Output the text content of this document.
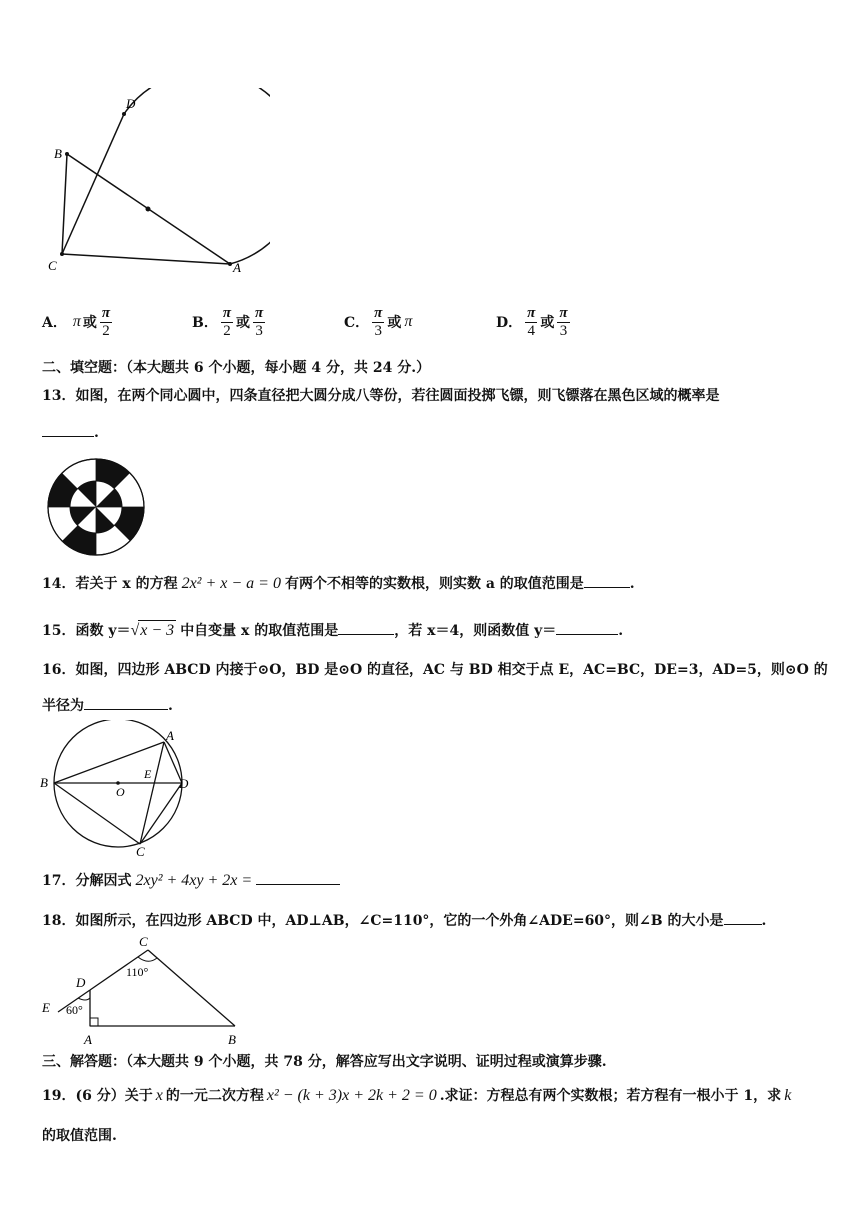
D
B
C	A
A． π 或 $\frac{\pi}{2}$	B． $\frac{\pi}{2}$ 或 $\frac{\pi}{3}$	C． $\frac{\pi}{3}$ 或 π	D． $\frac{\pi}{4}$ 或 $\frac{\pi}{3}$
二、填空题：（本大题共 6 个小题，每小题 4 分，共 24 分.）
13．如图，在两个同心圆中，四条直径把大圆分成八等份，若往圆面投掷飞镖，则飞镖落在黑色区域的概率是
.
14．若关于 x 的方程 2x² + x − a = 0 有两个不相等的实数根，则实数 a 的取值范围是	.
15．函数 y＝√x − 3 中自变量 x 的取值范围是	，若 x＝4，则函数值 y＝	.
16．如图，四边形 ABCD 内接于⊙O，BD 是⊙O 的直径，AC 与 BD 相交于点 E，AC=BC，DE=3，AD=5，则⊙O 的
半径为	.
A
B
C
D
E
O
17．分解因式 2xy² + 4xy + 2x =
18．如图所示，在四边形 ABCD 中，AD⊥AB，∠C=110°，它的一个外角∠ADE=60°，则∠B 的大小是	.
C
D
E
A	B
110°
60°
三、解答题：（本大题共 9 个小题，共 78 分，解答应写出文字说明、证明过程或演算步骤.
19．(6 分）关于 x 的一元二次方程 x² − (k + 3)x + 2k + 2 = 0 .求证：方程总有两个实数根；若方程有一根小于 1，求 k
的取值范围.
